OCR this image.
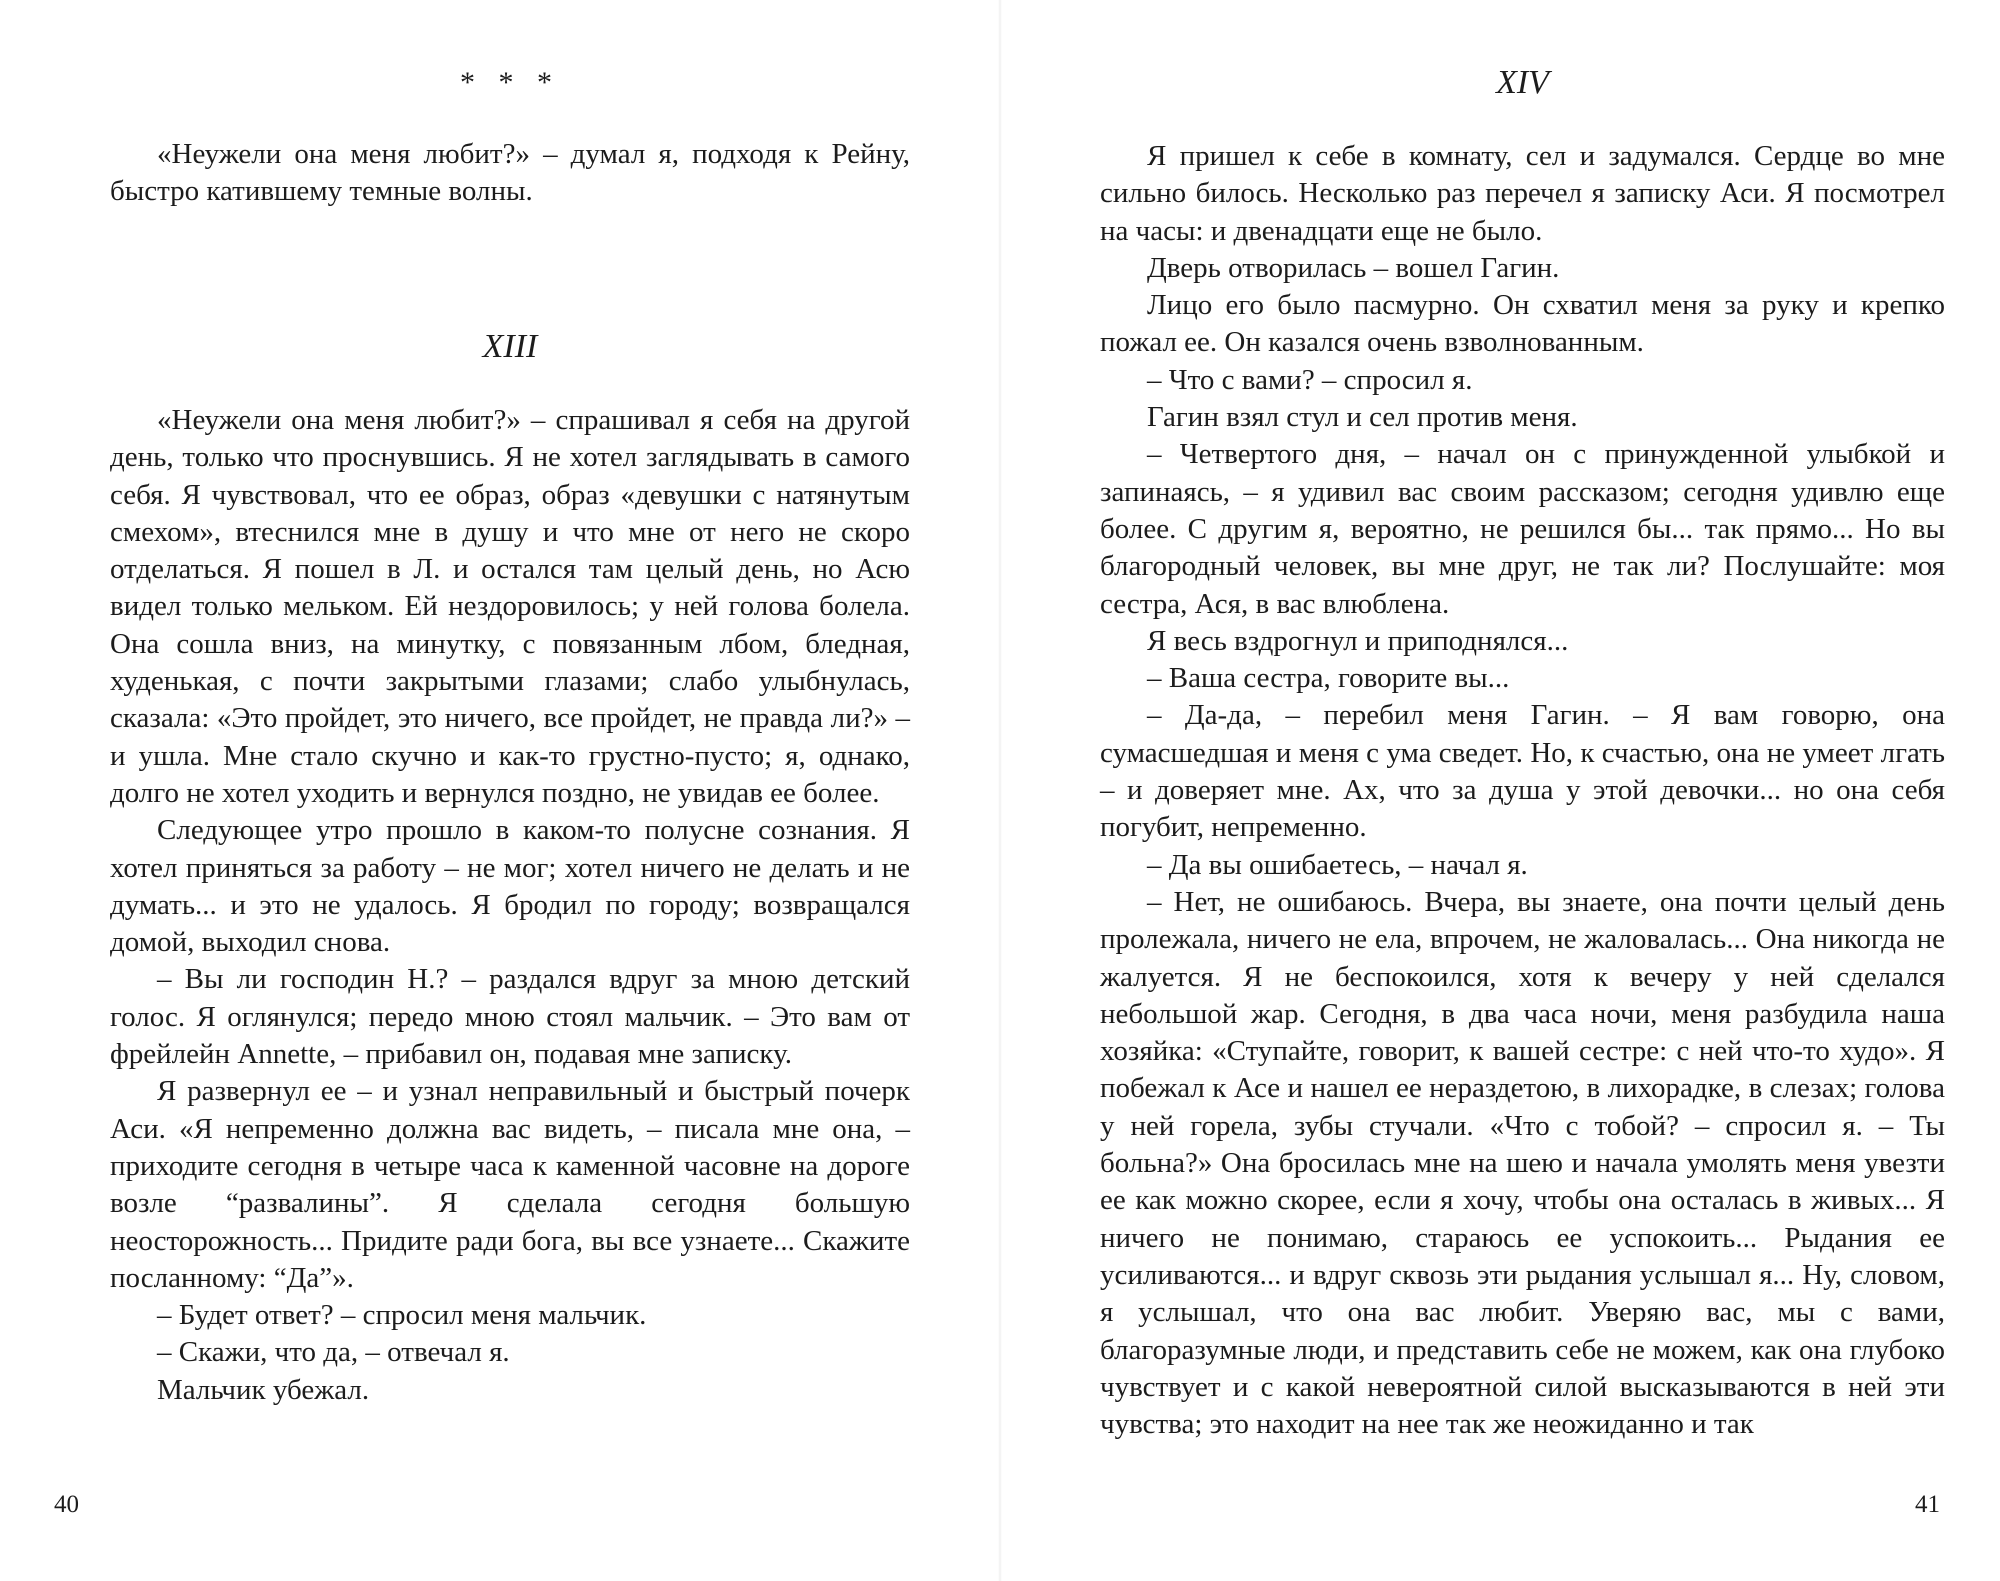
* * *

«Неужели она меня любит?» – думал я, подходя к Рейну, быстро катившему темные волны.

XIII

«Неужели она меня любит?» – спрашивал я себя на другой день, только что проснувшись. Я не хотел заглядывать в самого себя. Я чувствовал, что ее образ, образ «девушки с натянутым смехом», втеснился мне в душу и что мне от него не скоро отделаться. Я пошел в Л. и остался там целый день, но Асю видел только мельком. Ей нездоровилось; у ней голова болела. Она сошла вниз, на минутку, с повязанным лбом, бледная, худенькая, с почти закрытыми глазами; слабо улыбнулась, сказала: «Это пройдет, это ничего, все пройдет, не правда ли?» – и ушла. Мне стало скучно и как-то грустно-пусто; я, однако, долго не хотел уходить и вернулся поздно, не увидав ее более.

Следующее утро прошло в каком-то полусне сознания. Я хотел приняться за работу – не мог; хотел ничего не делать и не думать... и это не удалось. Я бродил по городу; возвращался домой, выходил снова.

– Вы ли господин Н.? – раздался вдруг за мною детский голос. Я оглянулся; передо мною стоял мальчик. – Это вам от фрейлейн Annette, – прибавил он, подавая мне записку.

Я развернул ее – и узнал неправильный и быстрый почерк Аси. «Я непременно должна вас видеть, – писала мне она, – приходите сегодня в четыре часа к каменной часовне на дороге возле “развалины”. Я сделала сегодня большую неосторожность... Придите ради бога, вы все узнаете... Скажите посланному: “Да”».

– Будет ответ? – спросил меня мальчик.

– Скажи, что да, – отвечал я.

Мальчик убежал.

40
XIV

Я пришел к себе в комнату, сел и задумался. Сердце во мне сильно билось. Несколько раз перечел я записку Аси. Я посмотрел на часы: и двенадцати еще не было.

Дверь отворилась – вошел Гагин.

Лицо его было пасмурно. Он схватил меня за руку и крепко пожал ее. Он казался очень взволнованным.

– Что с вами? – спросил я.

Гагин взял стул и сел против меня.

– Четвертого дня, – начал он с принужденной улыбкой и запинаясь, – я удивил вас своим рассказом; сегодня удивлю еще более. С другим я, вероятно, не решился бы... так прямо... Но вы благородный человек, вы мне друг, не так ли? Послушайте: моя сестра, Ася, в вас влюблена.

Я весь вздрогнул и приподнялся...

– Ваша сестра, говорите вы...

– Да-да, – перебил меня Гагин. – Я вам говорю, она сумасшедшая и меня с ума сведет. Но, к счастью, она не умеет лгать – и доверяет мне. Ах, что за душа у этой девочки... но она себя погубит, непременно.

– Да вы ошибаетесь, – начал я.

– Нет, не ошибаюсь. Вчера, вы знаете, она почти целый день пролежала, ничего не ела, впрочем, не жаловалась... Она никогда не жалуется. Я не беспокоился, хотя к вечеру у ней сделался небольшой жар. Сегодня, в два часа ночи, меня разбудила наша хозяйка: «Ступайте, говорит, к вашей сестре: с ней что-то худо». Я побежал к Асе и нашел ее нераздетою, в лихорадке, в слезах; голова у ней горела, зубы стучали. «Что с тобой? – спросил я. – Ты больна?» Она бросилась мне на шею и начала умолять меня увезти ее как можно скорее, если я хочу, чтобы она осталась в живых... Я ничего не понимаю, стараюсь ее успокоить... Рыдания ее усиливаются... и вдруг сквозь эти рыдания услышал я... Ну, словом, я услышал, что она вас любит. Уверяю вас, мы с вами, благоразумные люди, и представить себе не можем, как она глубоко чувствует и с какой невероятной силой высказываются в ней эти чувства; это находит на нее так же неожиданно и так

41
